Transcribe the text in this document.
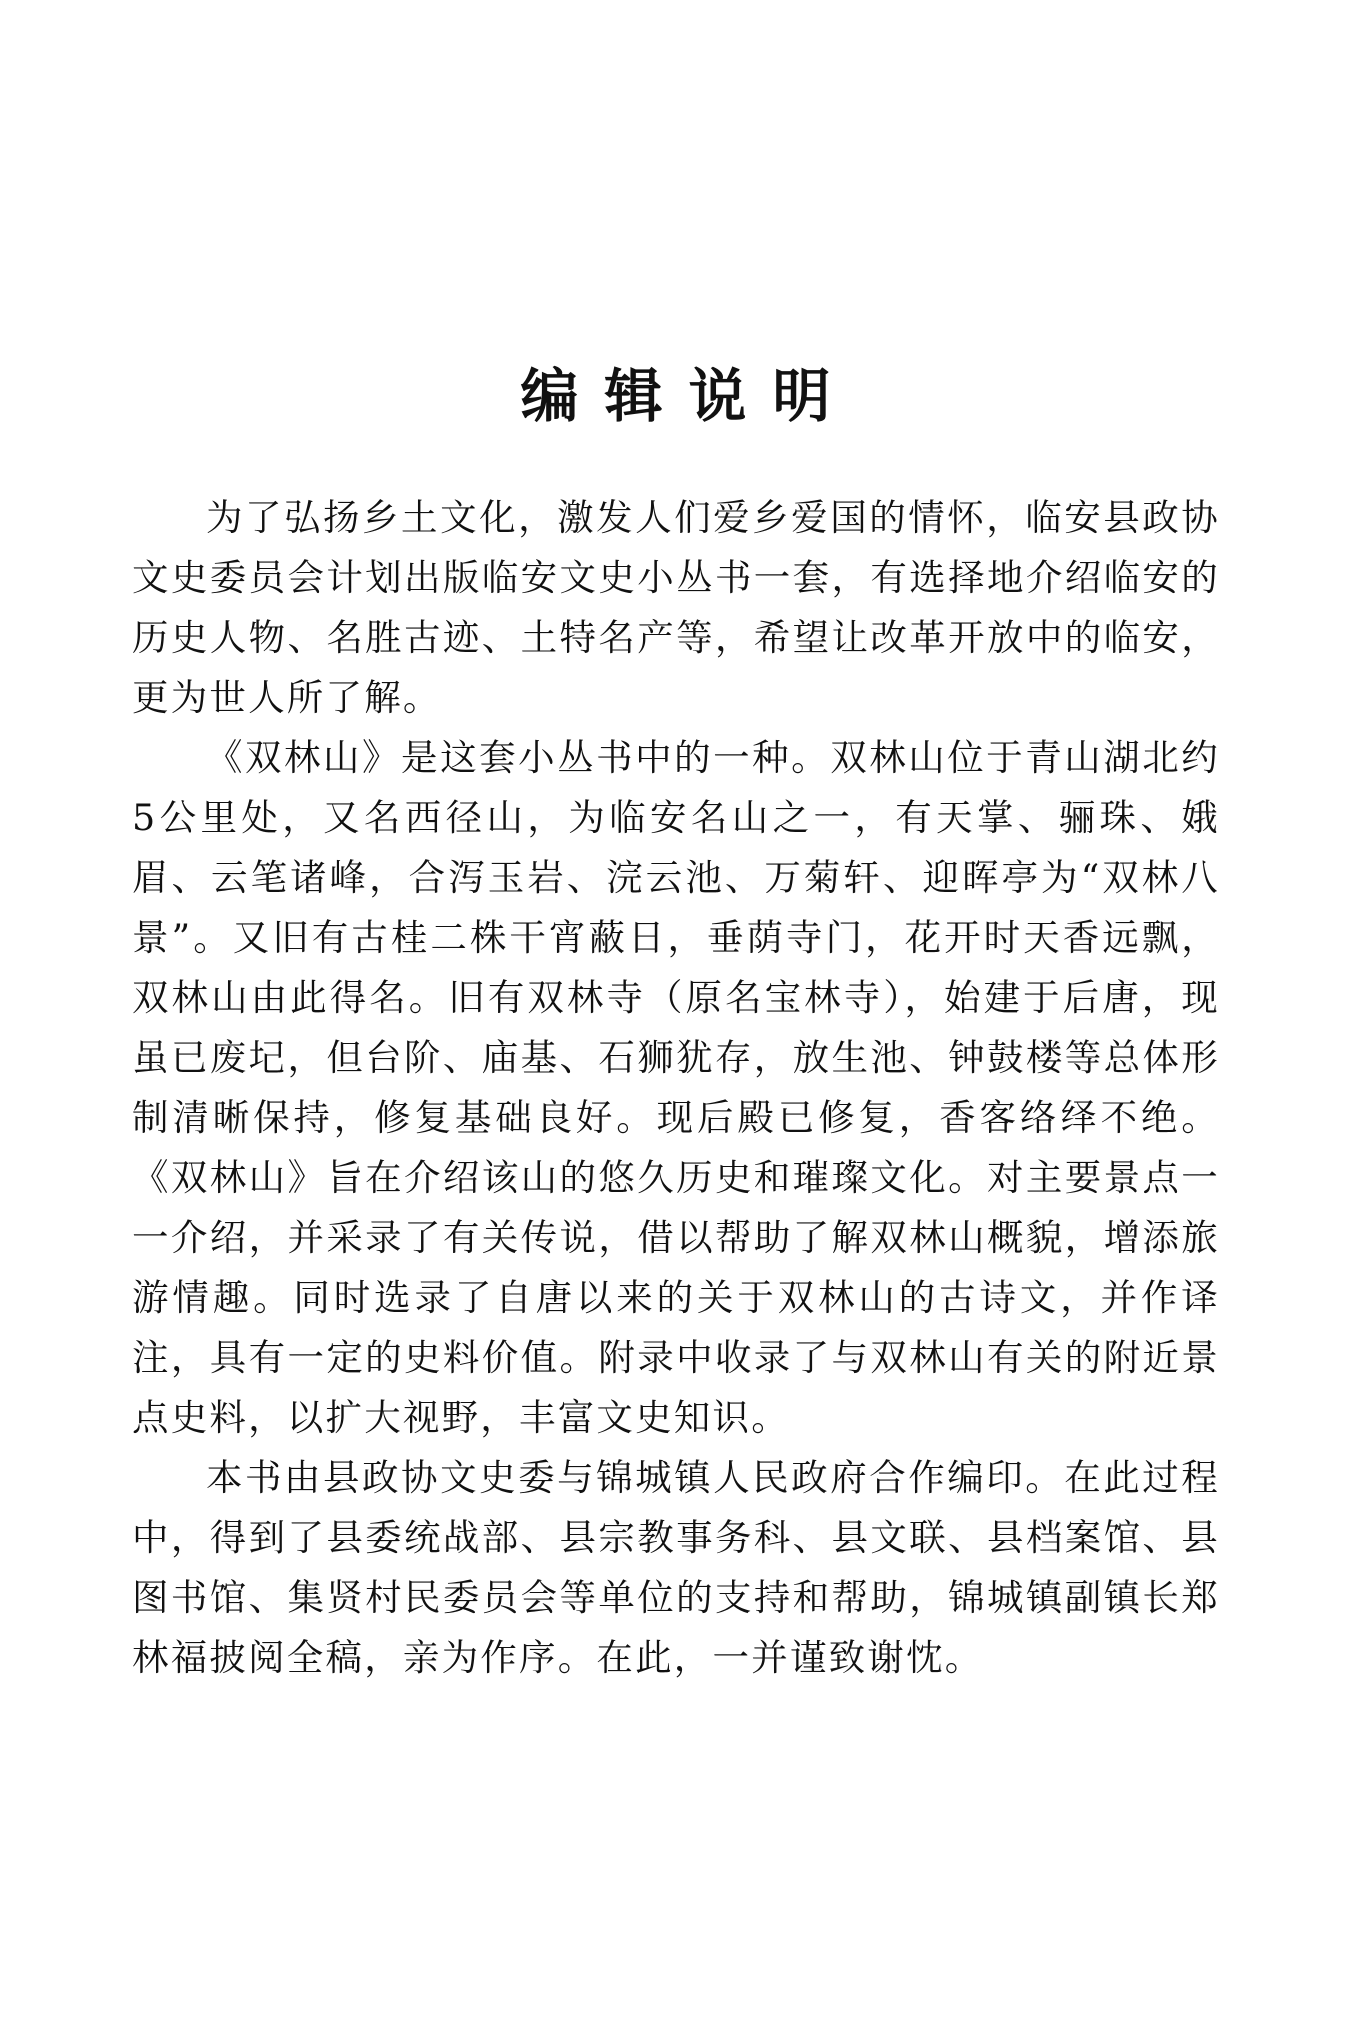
编辑说明

为了弘扬乡土文化，激发人们爱乡爱国的情怀，临安县政协文史委员会计划出版临安文史小丛书一套，有选择地介绍临安的历史人物、名胜古迹、土特名产等，希望让改革开放中的临安，更为世人所了解。

《双林山》是这套小丛书中的一种。双林山位于青山湖北约5公里处，又名西径山，为临安名山之一，有天掌、骊珠、娥眉、云笔诸峰，合泻玉岩、浣云池、万菊轩、迎晖亭为“双林八景”。又旧有古桂二株干宵蔽日，垂荫寺门，花开时天香远飘，双林山由此得名。旧有双林寺（原名宝林寺），始建于后唐，现虽已废圮，但台阶、庙基、石狮犹存，放生池、钟鼓楼等总体形制清晰保持，修复基础良好。现后殿已修复，香客络绎不绝。《双林山》旨在介绍该山的悠久历史和璀璨文化。对主要景点一一介绍，并采录了有关传说，借以帮助了解双林山概貌，增添旅游情趣。同时选录了自唐以来的关于双林山的古诗文，并作译注，具有一定的史料价值。附录中收录了与双林山有关的附近景点史料，以扩大视野，丰富文史知识。

本书由县政协文史委与锦城镇人民政府合作编印。在此过程中，得到了县委统战部、县宗教事务科、县文联、县档案馆、县图书馆、集贤村民委员会等单位的支持和帮助，锦城镇副镇长郑林福披阅全稿，亲为作序。在此，一并谨致谢忱。
